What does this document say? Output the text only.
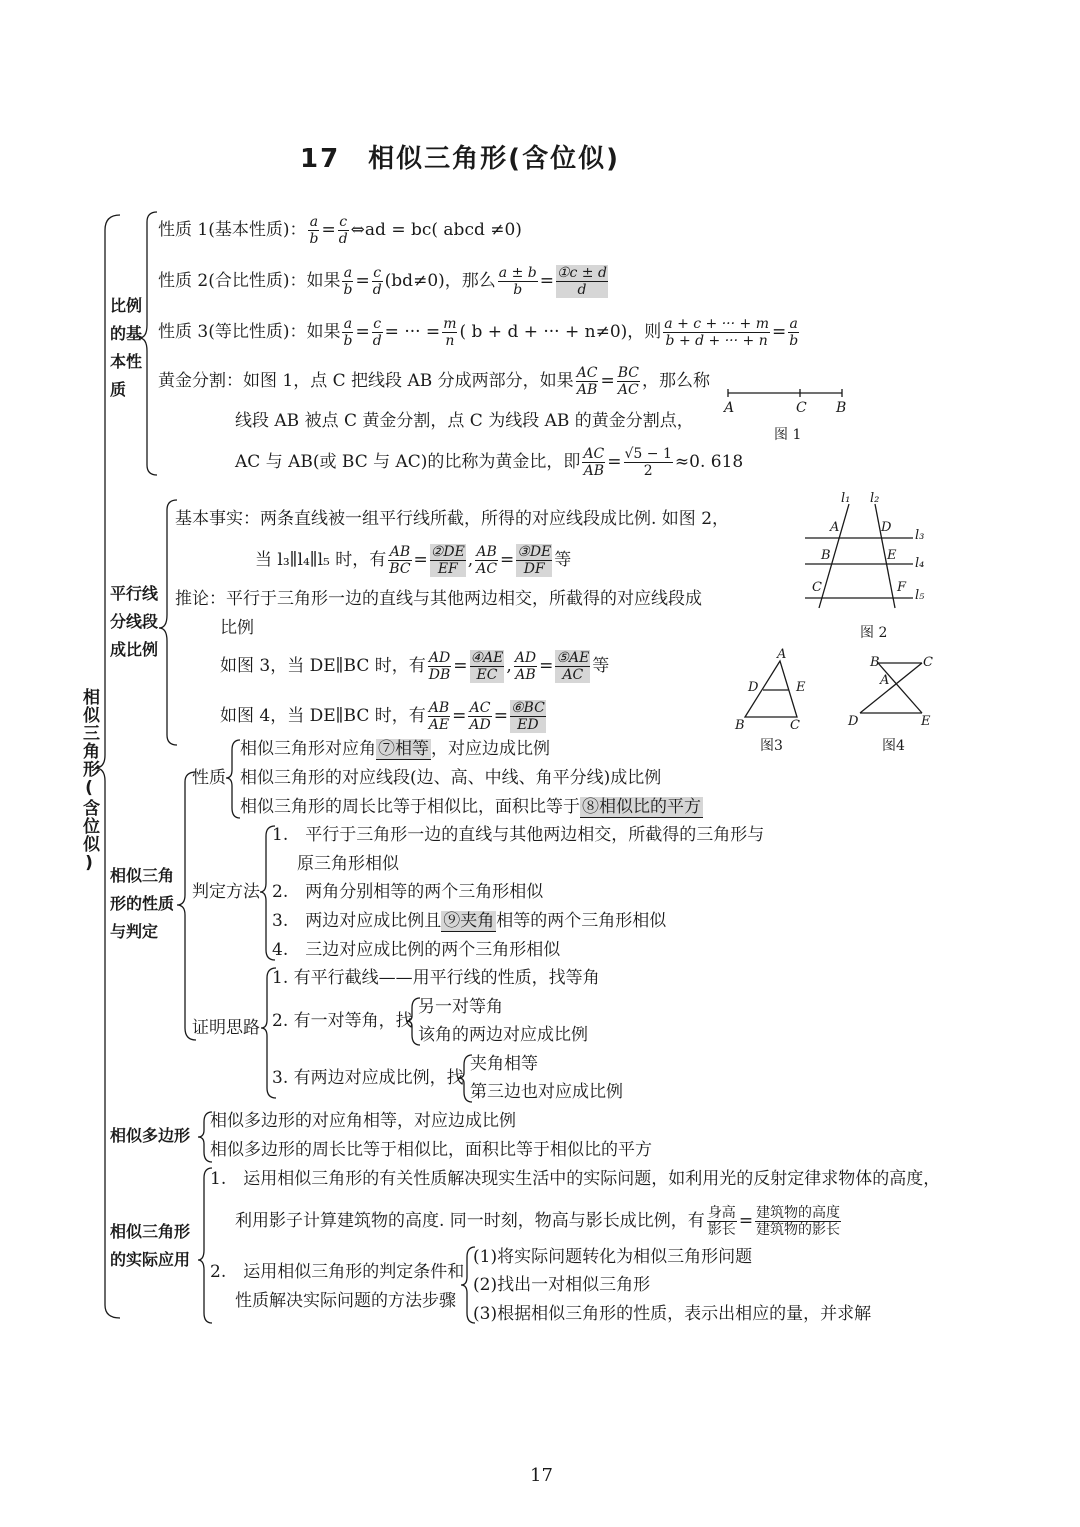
17　相似三角形(含位似)
相似三角形(含位似)
比例的基本性质
性质 1(基本性质)： $\frac{a}{b} = \frac{c}{d}$ ⇔ad = bc( abcd ≠0)
性质 2(合比性质)：如果 $\frac{a}{b} = \frac{c}{d} (bd\ne 0)$，那么 $\frac{a \pm b}{b} = \frac{\text{①c ± d}}{d}$
性质 3(等比性质)：如果 $\frac{a}{b} = \frac{c}{d}$ = ··· = $\frac{m}{n}$ ( b + d + ··· + n≠0)，则 $\frac{a + c + \cdot\cdot\cdot + m}{b + d + \cdot\cdot\cdot + n} = \frac{a}{b}$
黄金分割：如图 1，点 C 把线段 AB 分成两部分，如果 $\frac{AC}{AB} = \frac{BC}{AC}$ ，那么称
线段 AB 被点 C 黄金分割，点 C 为线段 AB 的黄金分割点，
AC 与 AB(或 BC 与 AC)的比称为黄金比，即 $\frac{AC}{AB} = \frac{√5 - 1}{2} \approx 0$. 618
A	C B
图 1
平行线分线段成比例
基本事实：两条直线被一组平行线所截，所得的对应线段成比例. 如图 2，
当 l₃∥l₄∥l₅ 时，有 $\frac{AB}{BC} = \frac{\text{②DE}}{EF}$ , $\frac{AB}{AC} = \frac{\text{③DE}}{DF}$ 等
推论：平行于三角形一边的直线与其他两边相交，所截得的对应线段成
比例
如图 3，当 DE∥BC 时，有 $\frac{AD}{DB} = \frac{\text{④AE}}{EC}$ , $\frac{AD}{AB} = \frac{\text{⑤AE}}{AC}$ 等
如图 4，当 DE∥BC 时，有 $\frac{AB}{AE} = \frac{AC}{AD} = \frac{\text{⑥BC}}{ED}$
l₁ l₂
l₃
l₄
l₅
A
B
C
D
E
F
图 2
A
D	E
B	C
图3
B	C
A
D	E
图4
相似三角形的性质与判定
性质
相似三角形对应角 ⑦相等 ，对应边成比例
相似三角形的对应线段(边、高、中线、角平分线)成比例
相似三角形的周长比等于相似比，面积比等于 ⑧相似比的平方
判定方法
1.　平行于三角形一边的直线与其他两边相交，所截得的三角形与
原三角形相似
2.　两角分别相等的两个三角形相似
3.　两边对应成比例且 ⑨夹角 相等的两个三角形相似
4.　三边对应成比例的两个三角形相似
证明思路
1. 有平行截线——用平行线的性质，找等角
2. 有一对等角，找
另一对等角
该角的两边对应成比例
3. 有两边对应成比例，找
夹角相等
第三边也对应成比例
相似多边形
相似多边形的对应角相等，对应边成比例
相似多边形的周长比等于相似比，面积比等于相似比的平方
相似三角形的实际应用
1.　运用相似三角形的有关性质解决现实生活中的实际问题，如利用光的反射定律求物体的高度，
利用影子计算建筑物的高度. 同一时刻，物高与影长成比例，有 $\frac{\text{身高}}{\text{影长}} = \frac{\text{建筑物的高度}}{\text{建筑物的影长}}$
2.　运用相似三角形的判定条件和
性质解决实际问题的方法步骤
(1)将实际问题转化为相似三角形问题
(2)找出一对相似三角形
(3)根据相似三角形的性质，表示出相应的量，并求解
17
